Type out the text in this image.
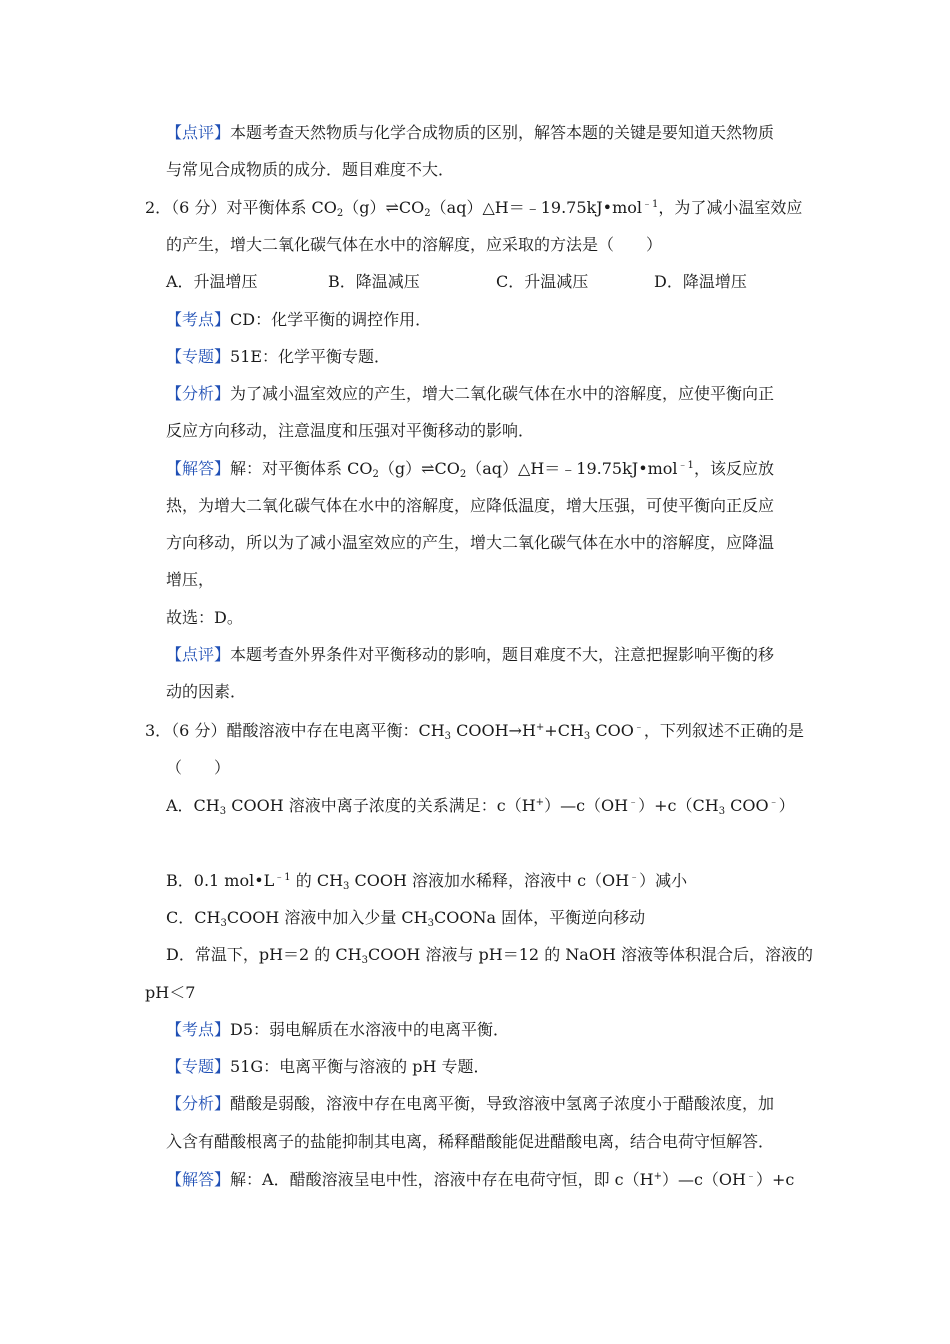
【点评】本题考查天然物质与化学合成物质的区别，解答本题的关键是要知道天然物质
与常见合成物质的成分．题目难度不大．
2．（6 分）对平衡体系 $CO_2(g)\rightleftharpoons CO_2(aq)\triangle H=﹣19.75kJ•mol^{﹣1}$，为了减小温室效应
的产生，增大二氧化碳气体在水中的溶解度，应采取的方法是（　　）
A．升温增压	B．降温减压	C．升温减压	D．降温增压
【考点】CD：化学平衡的调控作用．
【专题】51E：化学平衡专题．
【分析】为了减小温室效应的产生，增大二氧化碳气体在水中的溶解度，应使平衡向正
反应方向移动，注意温度和压强对平衡移动的影响．
【解答】解：对平衡体系 $CO_2(g)\rightleftharpoons CO_2(aq)\triangle H=﹣19.75kJ•mol^{﹣1}$，该反应放
热，为增大二氧化碳气体在水中的溶解度，应降低温度，增大压强，可使平衡向正反应
方向移动，所以为了减小温室效应的产生，增大二氧化碳气体在水中的溶解度，应降温
增压，
故选：D。
【点评】本题考查外界条件对平衡移动的影响，题目难度不大，注意把握影响平衡的移
动的因素．
3．（6 分）醋酸溶液中存在电离平衡：$CH_3$ $COOH\to H^++CH_3$ COO﹣，下列叙述不正确的是
（　　）
A．$CH_3$ COOH 溶液中离子浓度的关系满足：$c(H^+)—c(OH^﹣)+c(CH_3$ COO﹣）
B．0.1 $mol•L^{﹣1}$ 的 $CH_3$ COOH 溶液加水稀释，溶液中 c（OH﹣）减小
C．$CH_3COOH$ 溶液中加入少量 $CH_3COONa$ 固体，平衡逆向移动
D．常温下，pH＝2 的 $CH_3COOH$ 溶液与 pH＝12 的 NaOH 溶液等体积混合后，溶液的
pH＜7
【考点】D5：弱电解质在水溶液中的电离平衡．
【专题】51G：电离平衡与溶液的 pH 专题．
【分析】醋酸是弱酸，溶液中存在电离平衡，导致溶液中氢离子浓度小于醋酸浓度，加
入含有醋酸根离子的盐能抑制其电离，稀释醋酸能促进醋酸电离，结合电荷守恒解答．
【解答】解：A．醋酸溶液呈电中性，溶液中存在电荷守恒，即 c（H+）—c（OH﹣）+c
